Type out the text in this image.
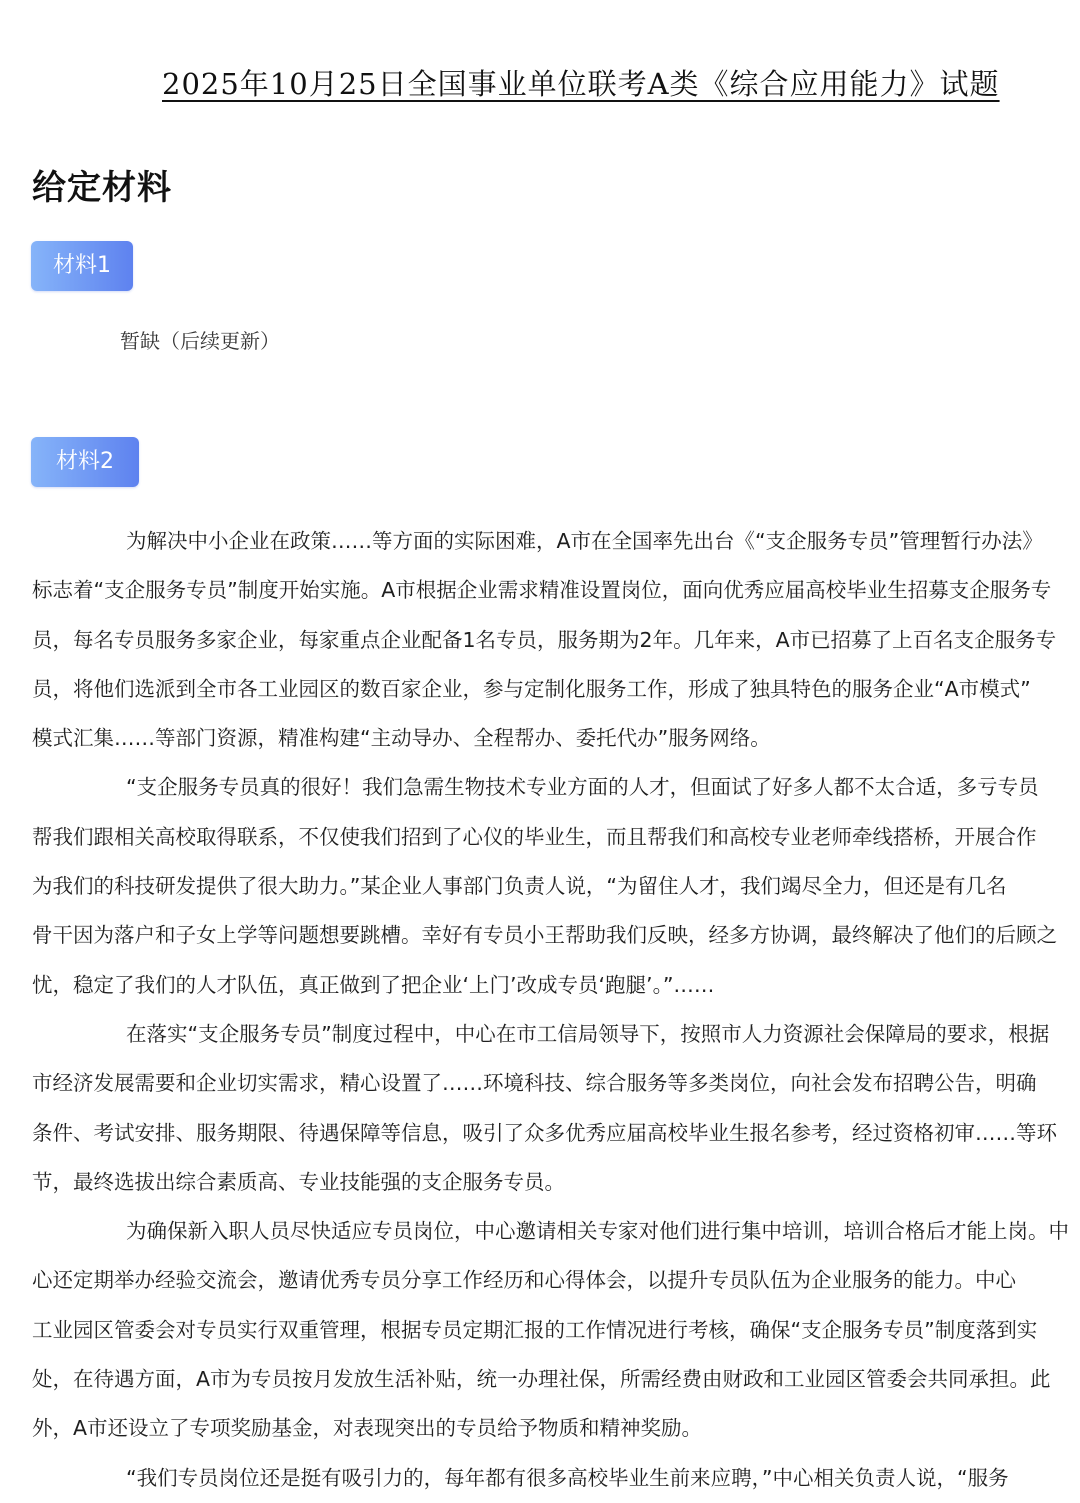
2025年10月25日全国事业单位联考A类《综合应用能力》试题
给定材料
材料1
暂缺（后续更新）
材料2
为解决中小企业在政策……等方面的实际困难，A市在全国率先出台《“支企服务专员”管理暂行办法》
标志着“支企服务专员”制度开始实施。A市根据企业需求精准设置岗位，面向优秀应届高校毕业生招募支企服务专
员，每名专员服务多家企业，每家重点企业配备1名专员，服务期为2年。几年来，A市已招募了上百名支企服务专
员，将他们选派到全市各工业园区的数百家企业，参与定制化服务工作，形成了独具特色的服务企业“A市模式”
模式汇集……等部门资源，精准构建“主动导办、全程帮办、委托代办”服务网络。
“支企服务专员真的很好！我们急需生物技术专业方面的人才，但面试了好多人都不太合适，多亏专员
帮我们跟相关高校取得联系，不仅使我们招到了心仪的毕业生，而且帮我们和高校专业老师牵线搭桥，开展合作
为我们的科技研发提供了很大助力。”某企业人事部门负责人说，“为留住人才，我们竭尽全力，但还是有几名
骨干因为落户和子女上学等问题想要跳槽。幸好有专员小王帮助我们反映，经多方协调，最终解决了他们的后顾之
忧，稳定了我们的人才队伍，真正做到了把企业‘上门’改成专员‘跑腿’。”……
在落实“支企服务专员”制度过程中，中心在市工信局领导下，按照市人力资源社会保障局的要求，根据
市经济发展需要和企业切实需求，精心设置了……环境科技、综合服务等多类岗位，向社会发布招聘公告，明确
条件、考试安排、服务期限、待遇保障等信息，吸引了众多优秀应届高校毕业生报名参考，经过资格初审……等环
节，最终选拔出综合素质高、专业技能强的支企服务专员。
为确保新入职人员尽快适应专员岗位，中心邀请相关专家对他们进行集中培训，培训合格后才能上岗。中
心还定期举办经验交流会，邀请优秀专员分享工作经历和心得体会，以提升专员队伍为企业服务的能力。中心
工业园区管委会对专员实行双重管理，根据专员定期汇报的工作情况进行考核，确保“支企服务专员”制度落到实
处，在待遇方面，A市为专员按月发放生活补贴，统一办理社保，所需经费由财政和工业园区管委会共同承担。此
外，A市还设立了专项奖励基金，对表现突出的专员给予物质和精神奖励。
“我们专员岗位还是挺有吸引力的，每年都有很多高校毕业生前来应聘，”中心相关负责人说，“服务
